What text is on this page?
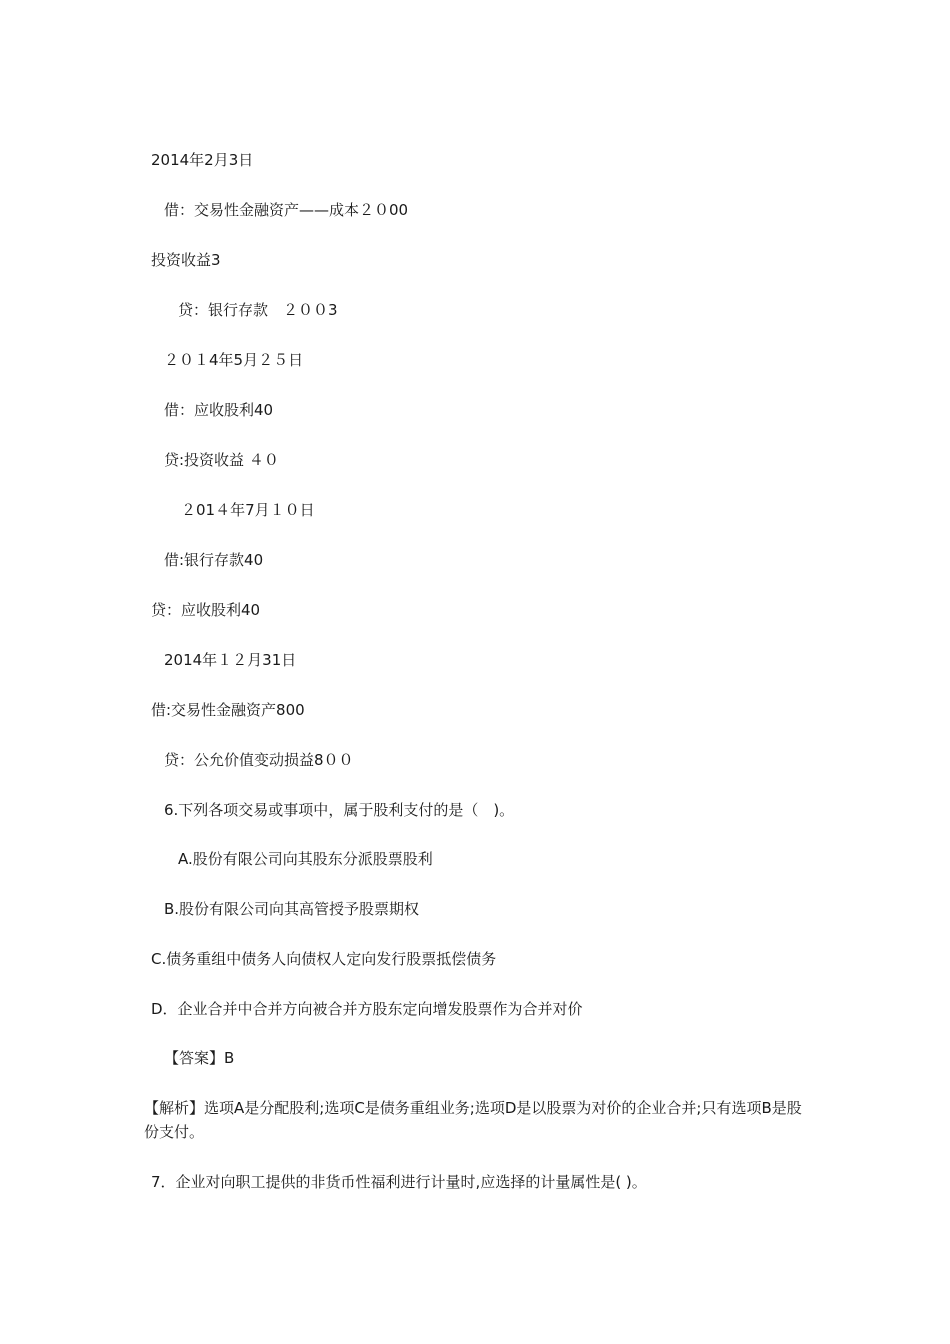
2014年2月3日
借：交易性金融资产——成本２０00
投资收益3
贷：银行存款　２００3
２０１4年5月２５日
借：应收股利40
贷:投资收益 ４０
２01４年7月１０日
借:银行存款40
贷：应收股利40
2014年１２月31日
借:交易性金融资产800
贷：公允价值变动损益8００
6.下列各项交易或事项中，属于股利支付的是（　)。
A.股份有限公司向其股东分派股票股利
B.股份有限公司向其高管授予股票期权
C.债务重组中债务人向债权人定向发行股票抵偿债务
D．企业合并中合并方向被合并方股东定向增发股票作为合并对价
【答案】B
【解析】选项A是分配股利;选项C是债务重组业务;选项D是以股票为对价的企业合并;只有选项B是股份支付。
7．企业对向职工提供的非货币性福利进行计量时,应选择的计量属性是( )。
